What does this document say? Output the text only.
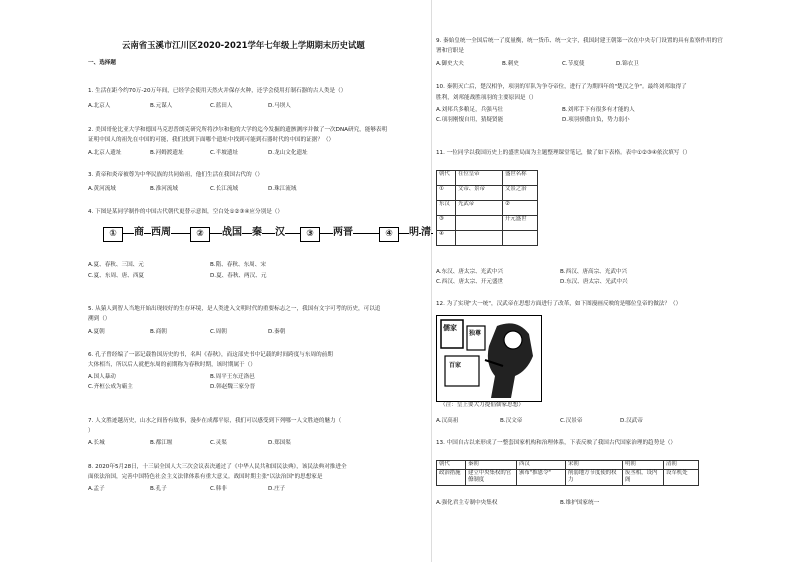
云南省玉溪市江川区2020-2021学年七年级上学期期末历史试题
一、选择题
1. 生活在距今约70万-20万年间，已经学会使用天然火并保存火种，还学会使用打制石器的古人类是（）
A.北京人	B.元谋人	C.蓝田人	D.马坝人
2. 美国哥伦比亚大学和德国马克思普朗克研究所将沙尔和他的大学的迄今发掘的遗骸测序并做了一次DNA研究，能够表明
证明中国人的祖先在中国的可能，我们找到下面哪个遗址中找到可能到石器时代的中国的证据？（）
A.北京人遗址	B.河姆渡遗址	C.半坡遗址	D.龙山文化遗址
3. 黄帝和炎帝被尊为中华民族的共同始祖，他们生活在我国古代的（）
A.黄河流域	B.淮河流域	C.长江流域	D.珠江流域
4. 下图是某同学制作的中国古代朝代更替示意图，空白处①②③④应分别是（）
①	商 西周	②	战国 秦 汉	③	两晋	④	明 清
A.夏、春秋、三国、元	B.隋、春秋、东周、宋
C.夏、东周、唐、西夏	D.夏、春秋、两汉、元
5. 从猿人到智人当地开始出现较好的生存环境，是人类进入文明时代的重要标志之一，我国有文字可考的历史，可以追
溯到（）
A.夏朝	B.商朝	C.周朝	D.秦朝
6. 孔子曾经编了一部记载鲁国历史的书，名叫《春秋》，而这部史书中记载的时间跨度与东周的前期
大体相当，所以后人就把东周的前期称为春秋时期，该时期属于（）
A.国人暴动	B.周平王东迁洛邑
C.齐桓公成为霸主	D.韩赵魏三家分晋
7. 人文胜迹越历史，山水之间皆有故事，漫步在成都平原，我们可以感受到下列哪一人文胜迹的魅力（
）
A.长城	B.都江堰	C.灵渠	D.郑国渠
8. 2020年5月28日，十三届全国人大三次会议表决通过了《中华人民共和国民法典》，该民法典对推进全
面依法治国，完善中国特色社会主义法律体系有重大意义。战国时期主张"以法治国"的思想家是
A.孟子	B.孔子	C.韩非	D.庄子
9. 秦始皇统一全国后统一了度量衡，统一货币、统一文字，我国封建王朝第一次在中央专门设置的具有监察作用的官
署和官职是
A.御史大夫	B.刺史	C.节度使	D.锦衣卫
10. 秦朝灭亡后，楚汉相争，项羽的军队为争夺帝位，进行了为期四年的"楚汉之争"。最终刘邦取得了
胜利，刘邦能战胜项羽的主要原因是（）
A.刘邦兵多粮足，兵强马壮	B.刘邦手下有很多有才能的人
C.项羽刚愎自用，猜疑贤能	D.项羽骄傲自负，势力弱小
11. 一位同学以我国历史上的盛世局面为主题整理课堂笔记，做了如下表格。表中①②③④依次填写（）
朝代	在位皇帝	盛世名称
①	文帝、景帝	文景之治
东汉	光武帝	②
③		开元盛世
④		
A.东汉、唐太宗、光武中兴	B.西汉、唐高宗、光武中兴
C.西汉、唐太宗、开元盛世	D.东汉、唐太宗、光武中兴
12. 为了实现"大一统"，汉武帝在思想方面进行了改革，如下图漫画反映的是哪位皇帝的做法？（）
儒家
独尊
百家
（注：皇上要大力提倡儒家思想）
A.汉高祖	B.汉文帝	C.汉景帝	D.汉武帝
13. 中国自古以来形成了一整套国家机构和治理体系，下表反映了我国古代国家治理的趋势是（）
朝代	秦朝	西汉	宋朝	明朝	清朝
政治措施	建立中央集权的官僚制度	颁布"推恩令"	削弱地方节度使的权力	废丞相，设内阁	设军机处
A.强化君主专制中央集权	B.维护国家统一
